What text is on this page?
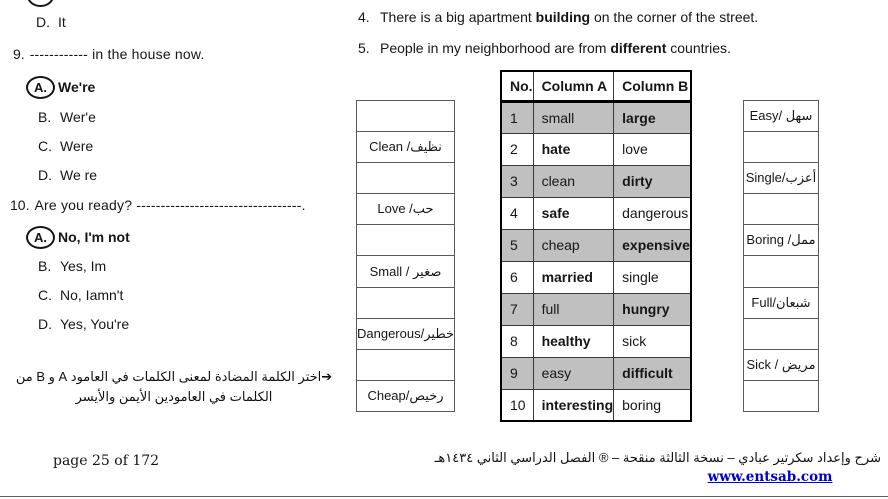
D. It
9. ------------ in the house now.
A. We're
B. Wer'e
C. Were
D. We re
10. Are you ready? ----------------------------------.
A. No, I'm not
B. Yes, Im
C. No, Iamn't
D. Yes, You're
➔اختر الكلمة المضادة لمعنى الكلمات في العامود A و B من
الكلمات في العامودين الأيمن والأيسر
page 25 of 172
4. There is a big apartment building on the corner of the street.
5. People in my neighborhood are from different countries.
No.	Column A	Column B
1	small	large
2	hate	love
3	clean	dirty
4	safe	dangerous
5	cheap	expensive
6	married	single
7	full	hungry
8	healthy	sick
9	easy	difficult
10	interesting	boring
Clean /نظيف
Love /حب
Small / صغير
Dangerous/خطير
Cheap/رخيص
Easy/ سهل
Single/أعزب
Boring /ممل
Full/شبعان
Sick / مريض
شرح وإعداد سكرتير عبادي – نسخة الثالثة منقحة – ® الفصل الدراسي الثاني ١٤٣٤هـ
www.entsab.com
